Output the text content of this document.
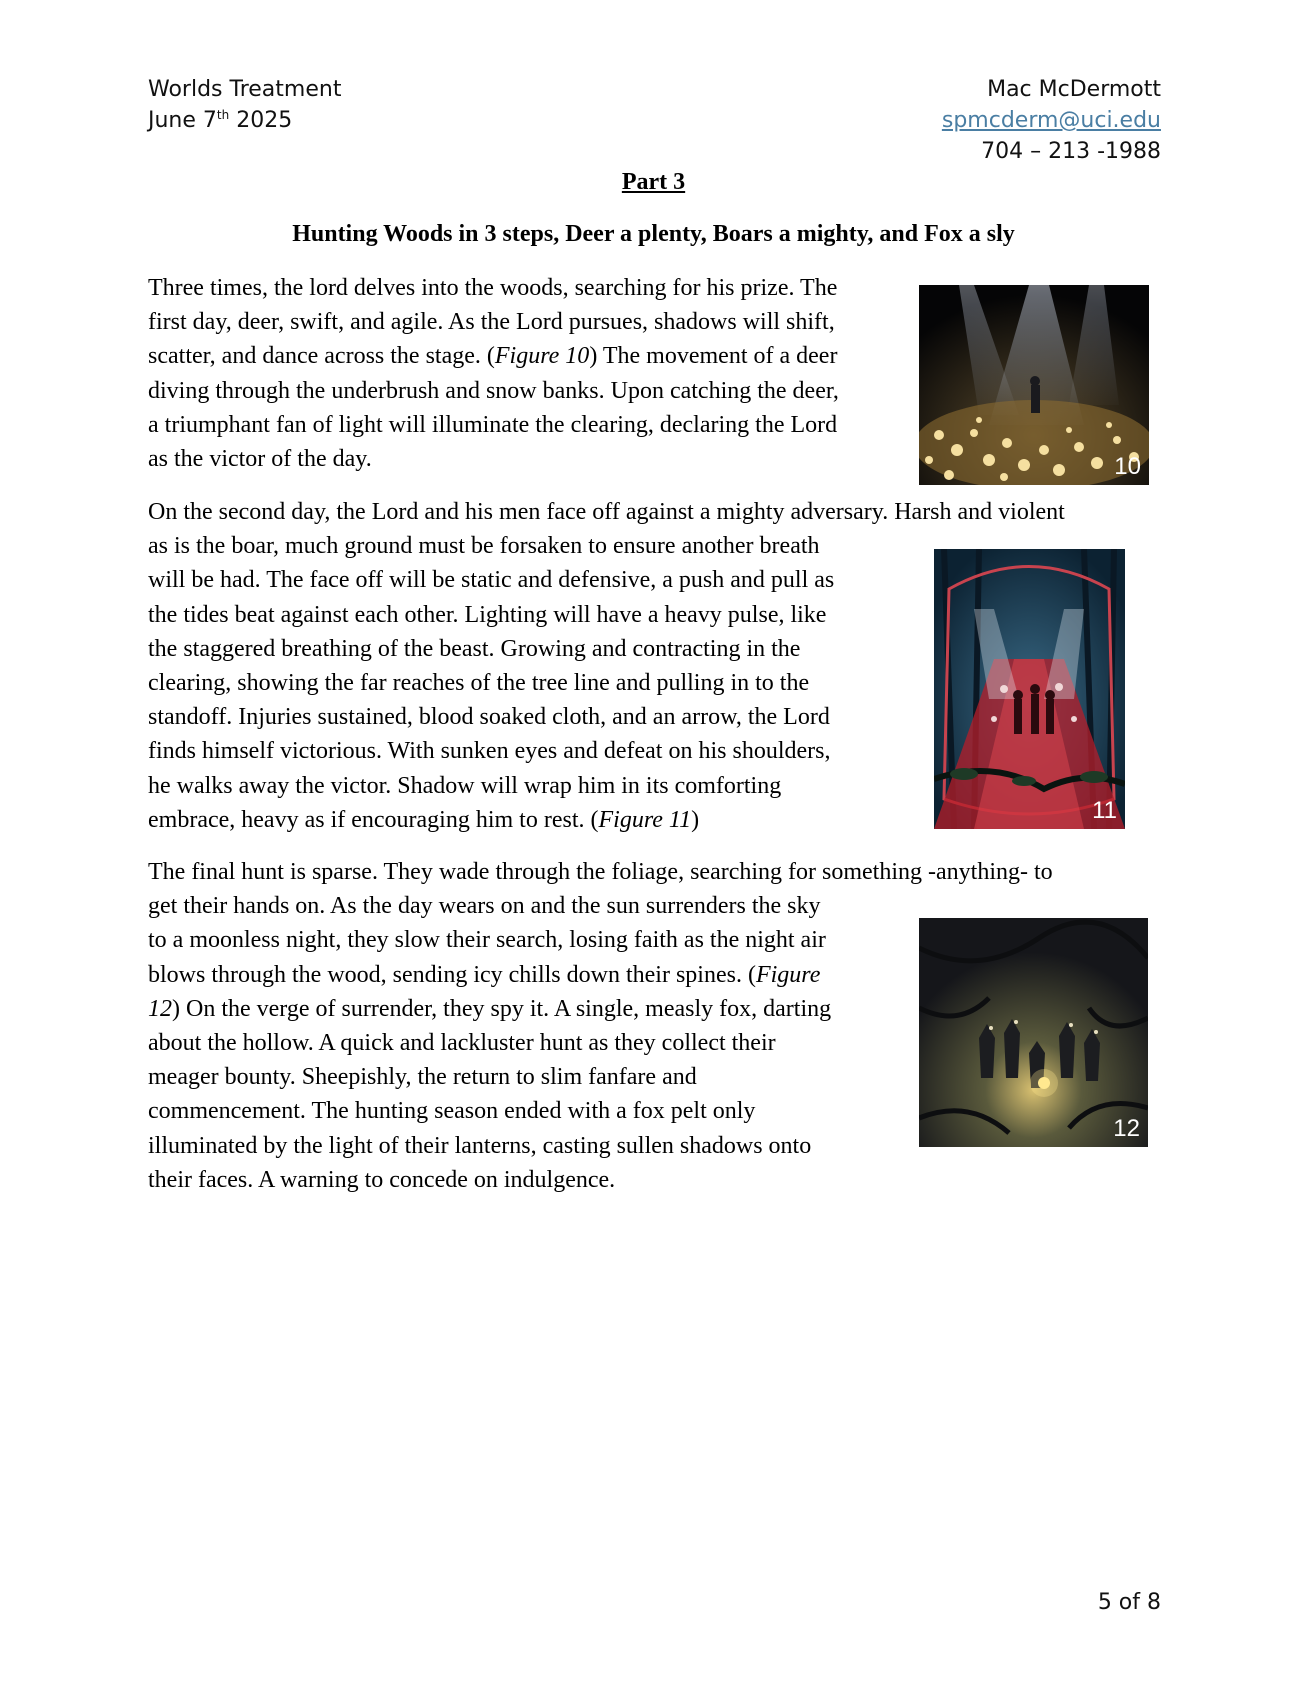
Worlds Treatment
June 7th 2025
Mac McDermott
spmcderm@uci.edu
704 – 213 -1988
Part 3
Hunting Woods in 3 steps, Deer a plenty, Boars a mighty, and Fox a sly

Three times, the lord delves into the woods, searching for his prize. The

first day, deer, swift, and agile. As the Lord pursues, shadows will shift,

scatter, and dance across the stage. (Figure 10) The movement of a deer

diving through the underbrush and snow banks. Upon catching the deer,

a triumphant fan of light will illuminate the clearing, declaring the Lord

as the victor of the day.	10

On the second day, the Lord and his men face off against a mighty adversary. Harsh and violent

as is the boar, much ground must be forsaken to ensure another breath

will be had. The face off will be static and defensive, a push and pull as

the tides beat against each other. Lighting will have a heavy pulse, like

the staggered breathing of the beast. Growing and contracting in the

clearing, showing the far reaches of the tree line and pulling in to the

standoff. Injuries sustained, blood soaked cloth, and an arrow, the Lord

finds himself victorious. With sunken eyes and defeat on his shoulders,

he walks away the victor. Shadow will wrap him in its comforting

embrace, heavy as if encouraging him to rest. (Figure 11)	11

The final hunt is sparse. They wade through the foliage, searching for something -anything- to

get their hands on. As the day wears on and the sun surrenders the sky

to a moonless night, they slow their search, losing faith as the night air

blows through the wood, sending icy chills down their spines. (Figure

12) On the verge of surrender, they spy it. A single, measly fox, darting

about the hollow. A quick and lackluster hunt as they collect their

meager bounty. Sheepishly, the return to slim fanfare and

commencement. The hunting season ended with a fox pelt only

illuminated by the light of their lanterns, casting sullen shadows onto

their faces. A warning to concede on indulgence.

12
5 of 8
